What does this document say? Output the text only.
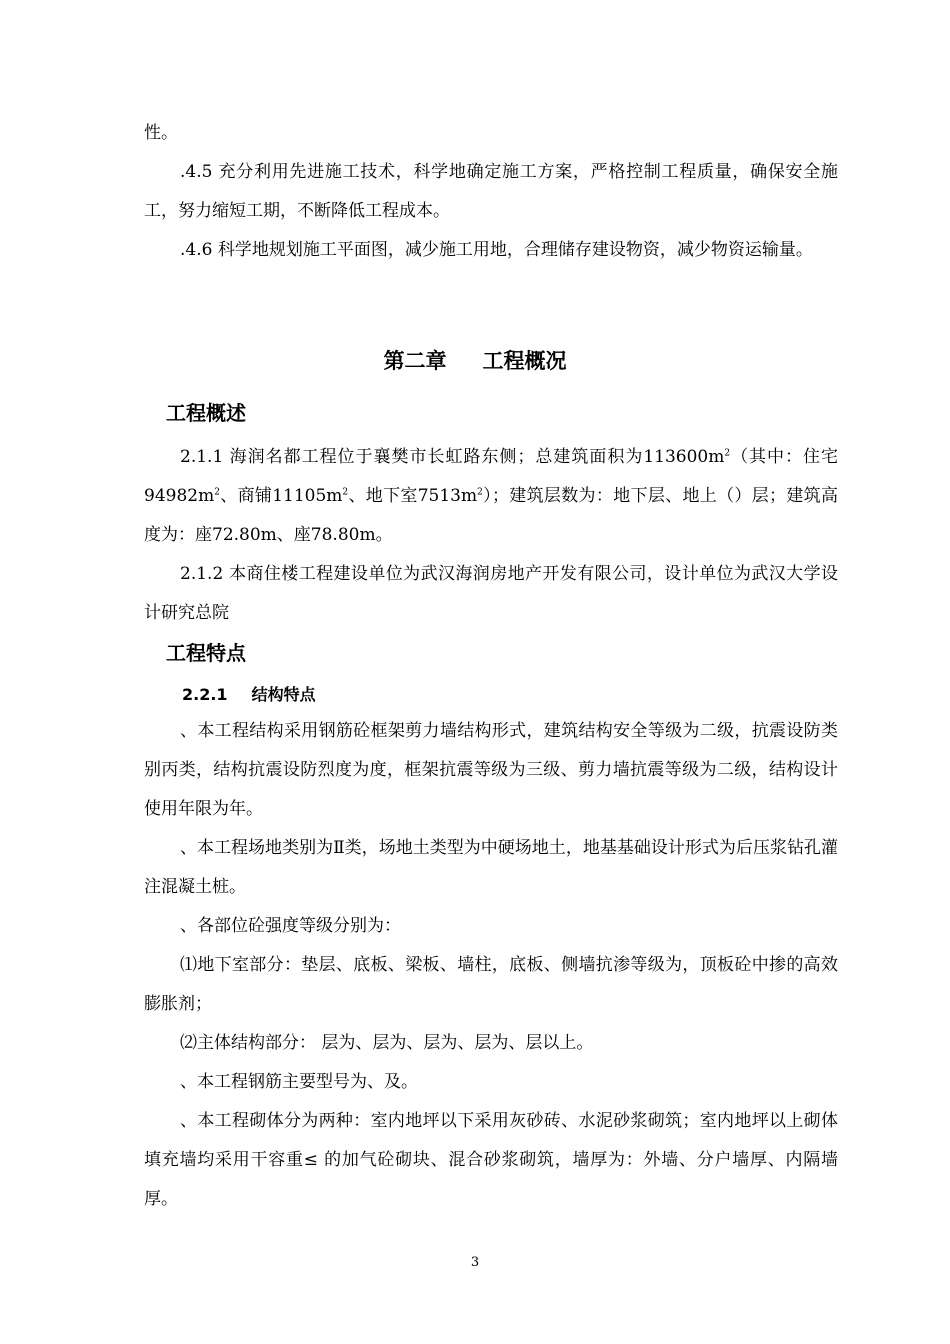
性。

.4.5 充分利用先进施工技术，科学地确定施工方案，严格控制工程质量，确保安全施工，努力缩短工期，不断降低工程成本。

.4.6 科学地规划施工平面图，减少施工用地，合理储存建设物资，减少物资运输量。

第二章 工程概况
工程概述

2.1.1 海润名都工程位于襄樊市长虹路东侧；总建筑面积为$113600m^2$（其中：住宅$94982m^2$、商铺$11105m^2$、地下室$7513m^2$）；建筑层数为：地下层、地上（）层；建筑高度为：座72.80m、座78.80m。

2.1.2 本商住楼工程建设单位为武汉海润房地产开发有限公司，设计单位为武汉大学设计研究总院

工程特点
2.2.1 结构特点

、本工程结构采用钢筋砼框架剪力墙结构形式，建筑结构安全等级为二级，抗震设防类别丙类，结构抗震设防烈度为度，框架抗震等级为三级、剪力墙抗震等级为二级，结构设计使用年限为年。

、本工程场地类别为Ⅱ类，场地土类型为中硬场地土，地基基础设计形式为后压浆钻孔灌注混凝土桩。

、各部位砼强度等级分别为：

⑴地下室部分：垫层、底板、梁板、墙柱，底板、侧墙抗渗等级为，顶板砼中掺的高效膨胀剂；

⑵主体结构部分： 层为、层为、层为、层为、层以上。

、本工程钢筋主要型号为、及。

、本工程砌体分为两种：室内地坪以下采用灰砂砖、水泥砂浆砌筑；室内地坪以上砌体填充墙均采用干容重≤ 的加气砼砌块、混合砂浆砌筑，墙厚为：外墙、分户墙厚、内隔墙厚。

3
